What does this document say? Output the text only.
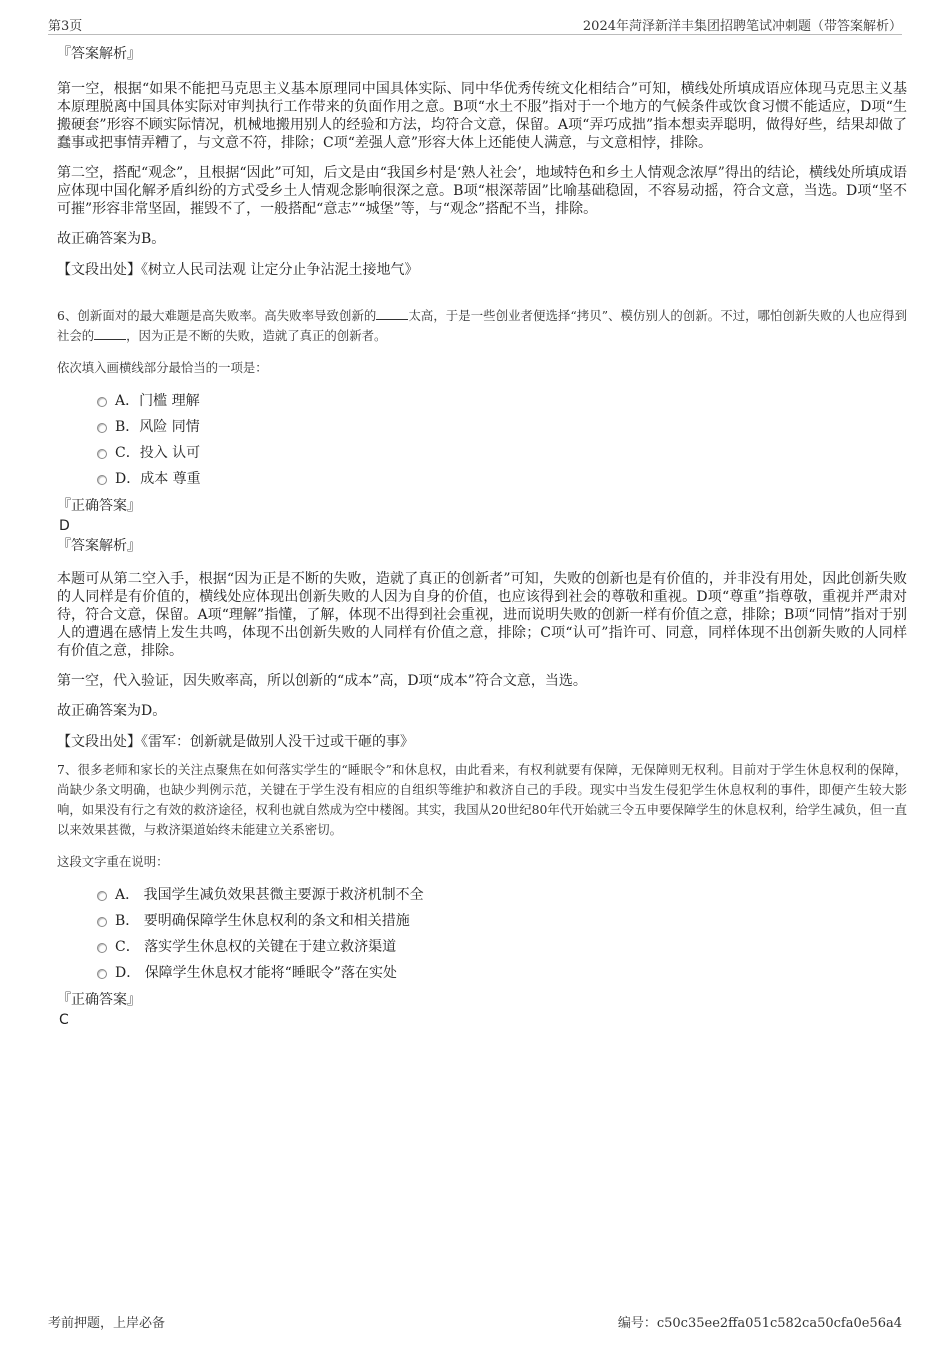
第3页	2024年菏泽新洋丰集团招聘笔试冲刺题（带答案解析）

『答案解析』

第一空，根据“如果不能把马克思主义基本原理同中国具体实际、同中华优秀传统文化相结合”可知，横线处所填成语应体现马克思主义基本原理脱离中国具体实际对审判执行工作带来的负面作用之意。B项“水土不服”指对于一个地方的气候条件或饮食习惯不能适应，D项“生搬硬套”形容不顾实际情况，机械地搬用别人的经验和方法，均符合文意，保留。A项“弄巧成拙”指本想卖弄聪明，做得好些，结果却做了蠢事或把事情弄糟了，与文意不符，排除；C项“差强人意”形容大体上还能使人满意，与文意相悖，排除。

第二空，搭配“观念”，且根据“因此”可知，后文是由“我国乡村是‘熟人社会’，地域特色和乡土人情观念浓厚”得出的结论，横线处所填成语应体现中国化解矛盾纠纷的方式受乡土人情观念影响很深之意。B项“根深蒂固”比喻基础稳固，不容易动摇，符合文意，当选。D项“坚不可摧”形容非常坚固，摧毁不了，一般搭配“意志”“城堡”等，与“观念”搭配不当，排除。

故正确答案为B。

【文段出处】《树立人民司法观 让定分止争沾泥土接地气》

6、创新面对的最大难题是高失败率。高失败率导致创新的	太高，于是一些创业者便选择“拷贝”、模仿别人的创新。不过，哪怕创新失败的人也应得到社会的	，因为正是不断的失败，造就了真正的创新者。

依次填入画横线部分最恰当的一项是：

A．门槛 理解
B．风险 同情
C．投入 认可
D．成本 尊重

『正确答案』

D

『答案解析』

本题可从第二空入手，根据“因为正是不断的失败，造就了真正的创新者”可知，失败的创新也是有价值的，并非没有用处，因此创新失败的人同样是有价值的，横线处应体现出创新失败的人因为自身的价值，也应该得到社会的尊敬和重视。D项“尊重”指尊敬，重视并严肃对待，符合文意，保留。A项“理解”指懂，了解，体现不出得到社会重视，进而说明失败的创新一样有价值之意，排除；B项“同情”指对于别人的遭遇在感情上发生共鸣，体现不出创新失败的人同样有价值之意，排除；C项“认可”指许可、同意，同样体现不出创新失败的人同样有价值之意，排除。

第一空，代入验证，因失败率高，所以创新的“成本”高，D项“成本”符合文意，当选。

故正确答案为D。

【文段出处】《雷军：创新就是做别人没干过或干砸的事》

7、很多老师和家长的关注点聚焦在如何落实学生的“睡眠令”和休息权，由此看来，有权利就要有保障，无保障则无权利。目前对于学生休息权利的保障，尚缺少条文明确，也缺少判例示范，关键在于学生没有相应的自组织等维护和救济自己的手段。现实中当发生侵犯学生休息权利的事件，即便产生较大影响，如果没有行之有效的救济途径，权利也就自然成为空中楼阁。其实，我国从20世纪80年代开始就三令五申要保障学生的休息权利，给学生减负，但一直以来效果甚微，与救济渠道始终未能建立关系密切。

这段文字重在说明：

A． 我国学生减负效果甚微主要源于救济机制不全
B． 要明确保障学生休息权利的条文和相关措施
C． 落实学生休息权的关键在于建立救济渠道
D． 保障学生休息权才能将“睡眠令”落在实处

『正确答案』

C

考前押题，上岸必备	编号：c50c35ee2ffa051c582ca50cfa0e56a4
